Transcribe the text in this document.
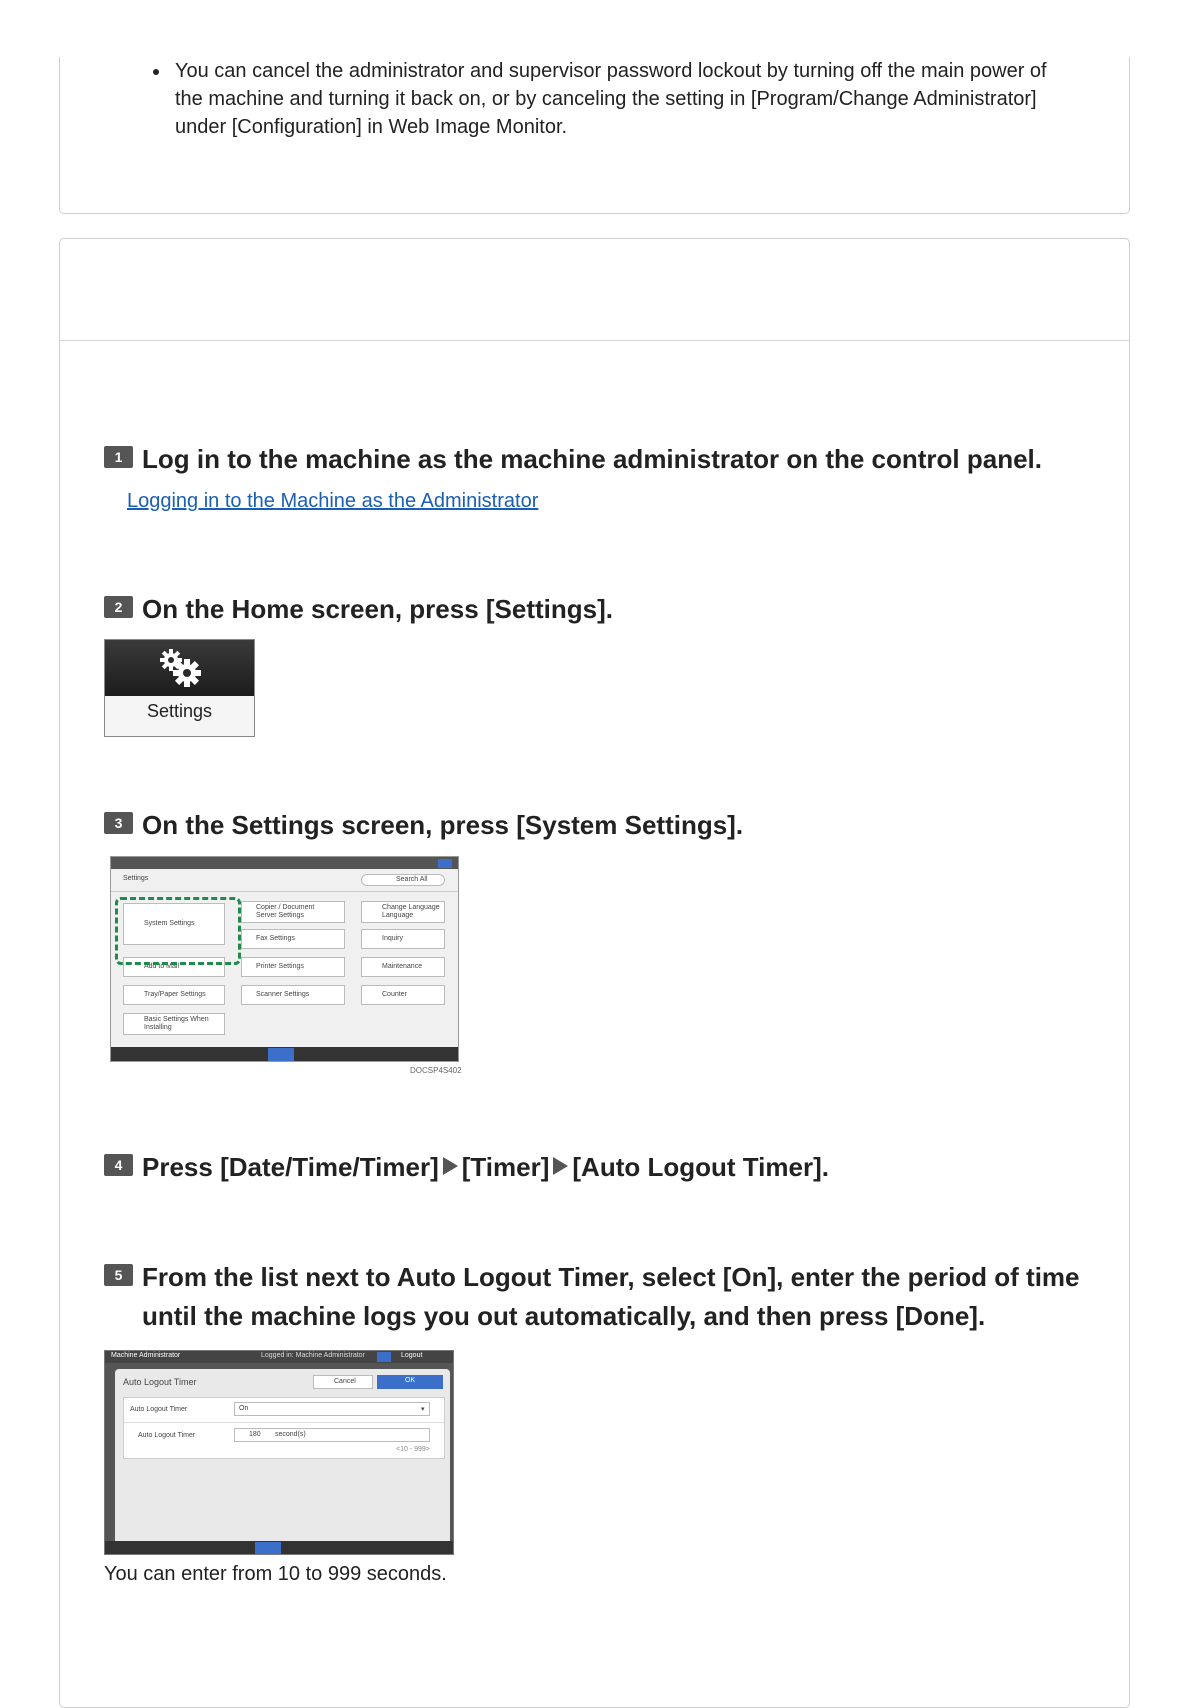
You can cancel the administrator and supervisor password lockout by turning off the main power of the machine and turning it back on, or by canceling the setting in [Program/Change Administrator] under [Configuration] in Web Image Monitor.
1 Log in to the machine as the machine administrator on the control panel.
Logging in to the Machine as the Administrator
2 On the Home screen, press [Settings].
Settings
3 On the Settings screen, press [System Settings].
Settings	Search All
System Settings
Copier / Document Server Settings
Change Language Language
Fax Settings	Inquiry
Add to Mail	Printer Settings	Maintenance
Tray/Paper Settings	Scanner Settings	Counter
Basic Settings When Installing
DOCSP4S402
4 Press [Date/Time/Timer] [Timer] [Auto Logout Timer].
5 From the list next to Auto Logout Timer, select [On], enter the period of time until the machine logs you out automatically, and then press [Done].
Machine Administrator	Logged in: Machine Administrator	Logout
Auto Logout Timer	Cancel	OK
Auto Logout Timer	On	▾
Auto Logout Timer	180 second(s)
<10 - 999>
You can enter from 10 to 999 seconds.
